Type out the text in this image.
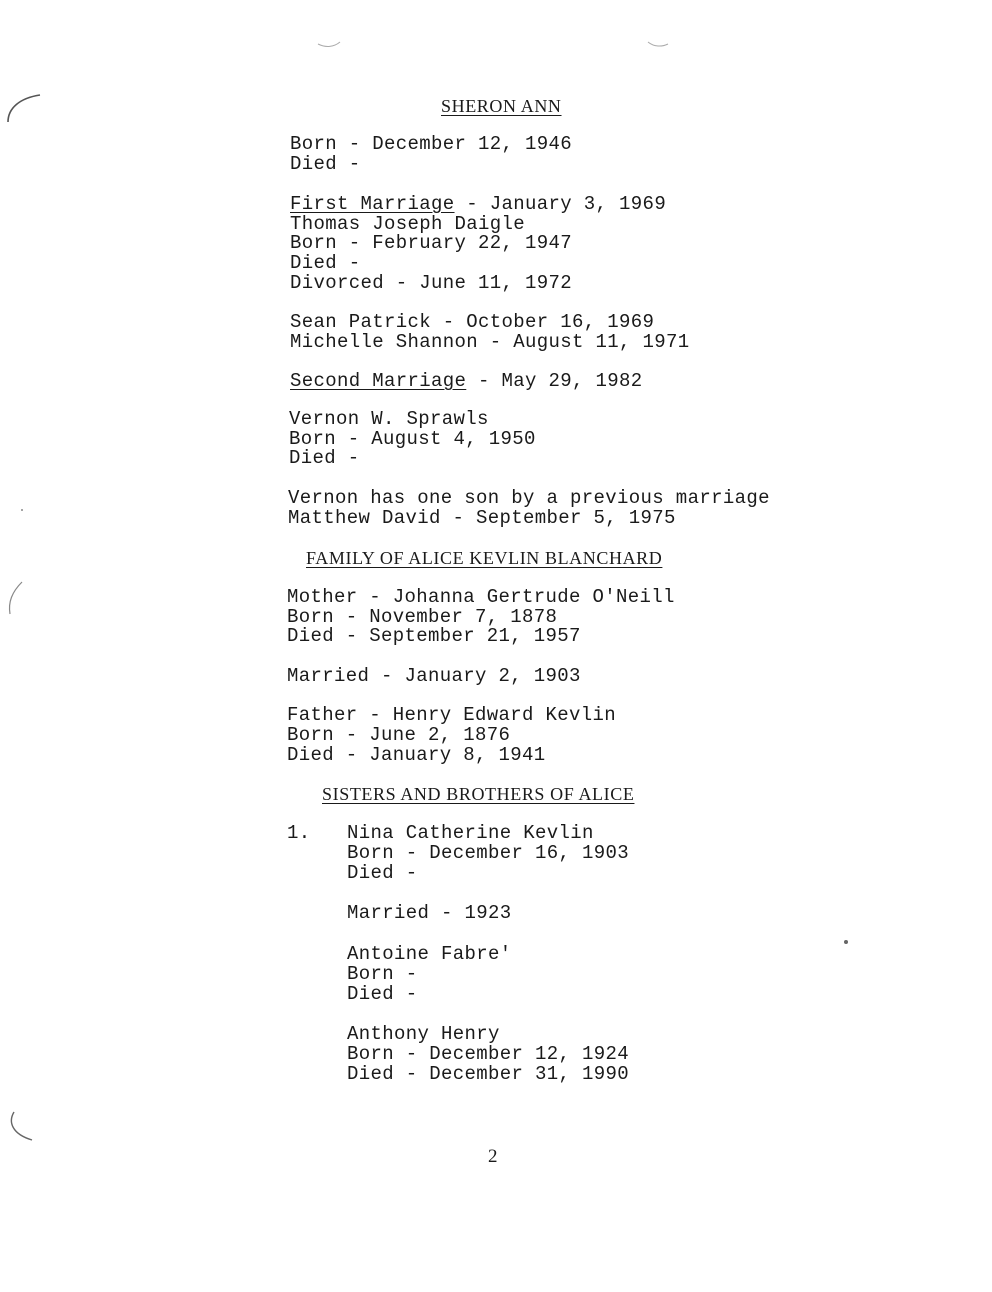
SHERON ANN
Born - December 12, 1946
Died -
First Marriage - January 3, 1969
Thomas Joseph Daigle
Born - February 22, 1947
Died -
Divorced - June 11, 1972
Sean Patrick - October 16, 1969
Michelle Shannon - August 11, 1971
Second Marriage - May 29, 1982
Vernon W. Sprawls
Born - August 4, 1950
Died -
Vernon has one son by a previous marriage
Matthew David - September 5, 1975
FAMILY OF ALICE KEVLIN BLANCHARD
Mother - Johanna Gertrude O'Neill
Born - November 7, 1878
Died - September 21, 1957
Married - January 2, 1903
Father - Henry Edward Kevlin
Born - June 2, 1876
Died - January 8, 1941
SISTERS AND BROTHERS OF ALICE
1. Nina Catherine Kevlin
Born - December 16, 1903
Died -
Married - 1923
Antoine Fabre'
Born -
Died -
Anthony Henry
Born - December 12, 1924
Died - December 31, 1990
2
